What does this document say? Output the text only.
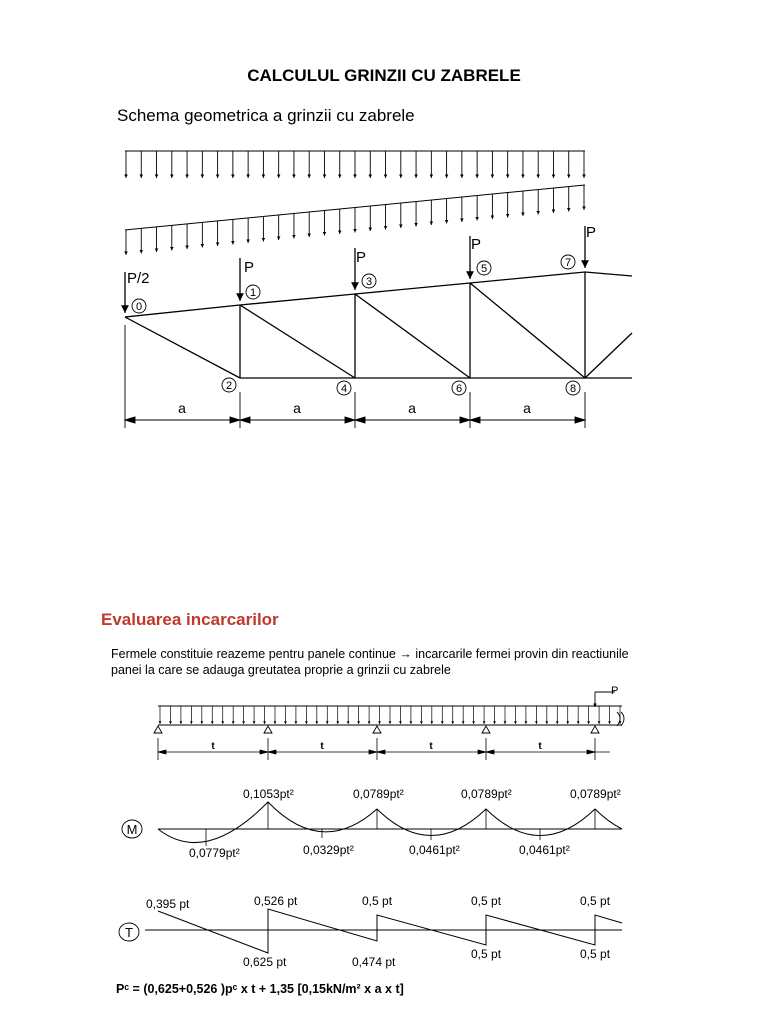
CALCULUL GRINZII CU ZABRELE
Schema geometrica a grinzii cu zabrele
Evaluarea incarcarilor
Fermele constituie reazeme pentru panele continue → incarcarile fermei provin din reactiunile panei la care se adauga greutatea proprie a grinzii cu zabrele
Pᶜ = (0,625+0,526 )pᶜ x t + 1,35 [0,15kN/m² x a x t]
P/2
P
P
P
P
0
1
2
3
4
5
6
7
8
a	a	a	a
P
t	t	t	t
M
0,1053pt²	0,0789pt²	0,0789pt²	0,0789pt²
0,0779pt²	0,0329pt²	0,0461pt²	0,0461pt²
T
0,395 pt	0,526 pt	0,5 pt	0,5 pt	0,5 pt
0,625 pt	0,474 pt
0,5 pt	0,5 pt
